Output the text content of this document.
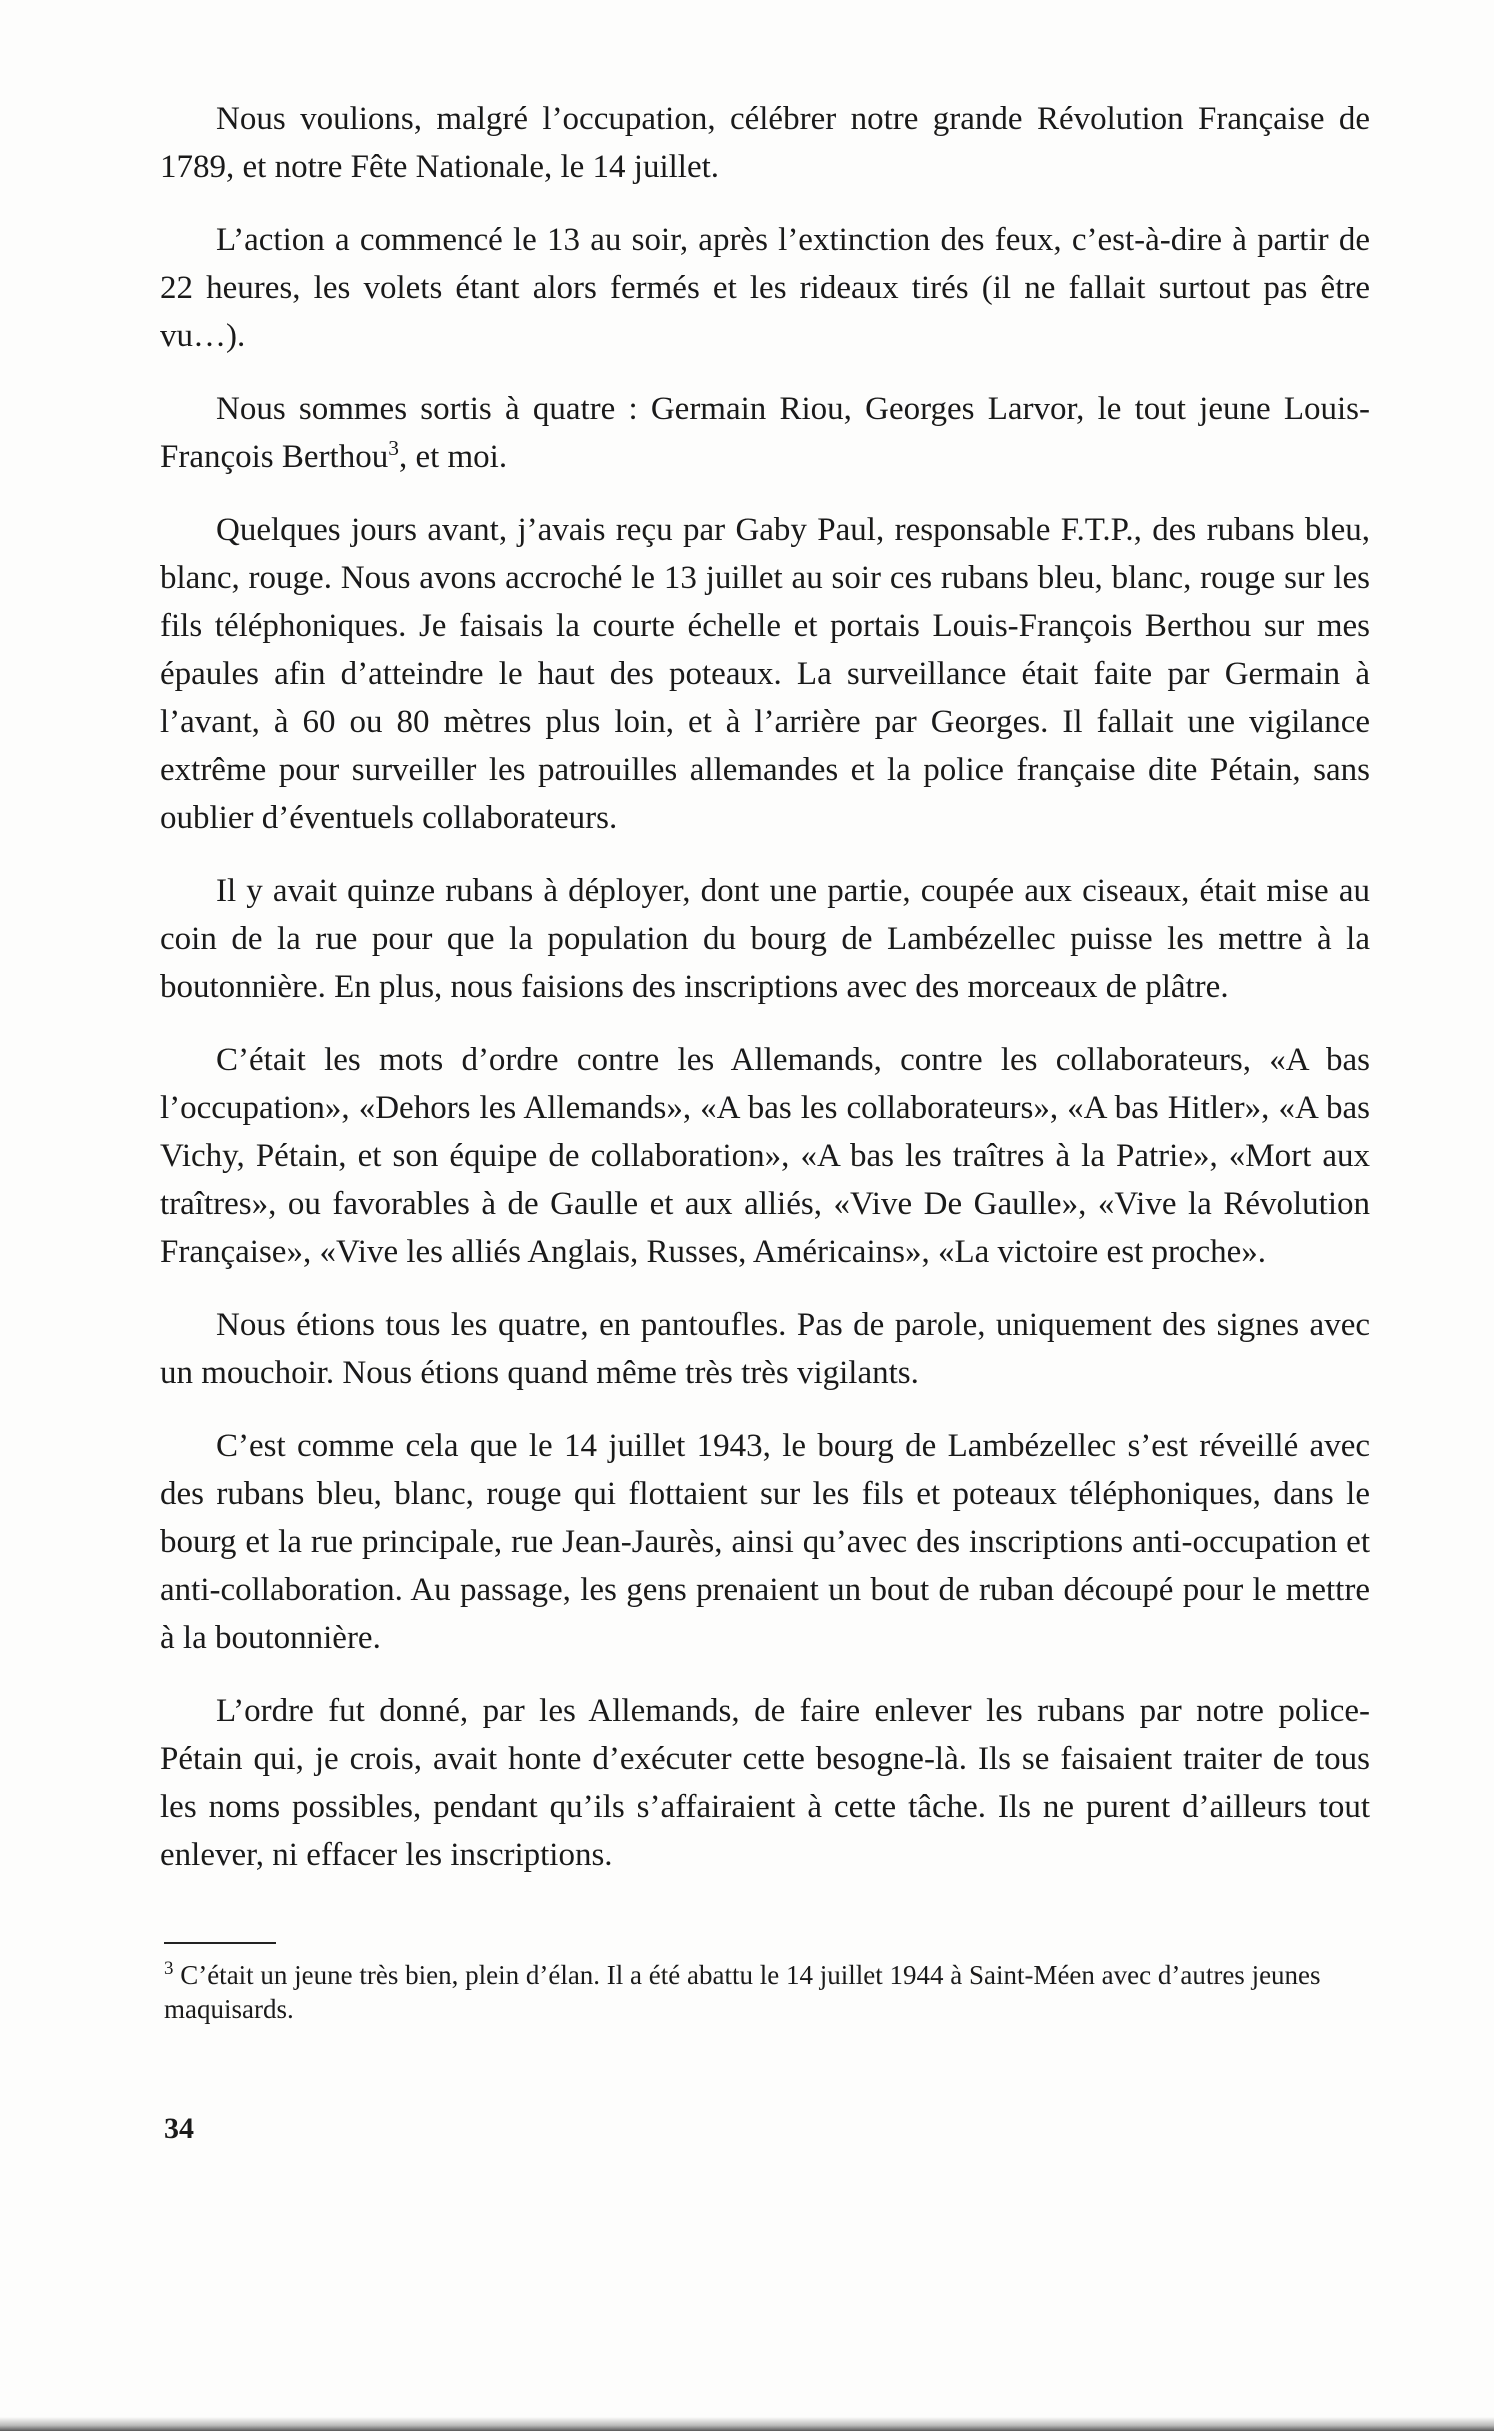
Nous voulions, malgré l’occupation, célébrer notre grande Révolution Française de 1789, et notre Fête Nationale, le 14 juillet.

L’action a commencé le 13 au soir, après l’extinction des feux, c’est-à-dire à partir de 22 heures, les volets étant alors fermés et les rideaux tirés (il ne fallait surtout pas être vu…).

Nous sommes sortis à quatre : Germain Riou, Georges Larvor, le tout jeune Louis-François Berthou$^3$, et moi.

Quelques jours avant, j’avais reçu par Gaby Paul, responsable F.T.P., des rubans bleu, blanc, rouge. Nous avons accroché le 13 juillet au soir ces rubans bleu, blanc, rouge sur les fils téléphoniques. Je faisais la courte échelle et portais Louis-François Berthou sur mes épaules afin d’atteindre le haut des poteaux. La surveillance était faite par Germain à l’avant, à 60 ou 80 mètres plus loin, et à l’arrière par Georges. Il fallait une vigilance extrême pour surveiller les patrouilles allemandes et la police française dite Pétain, sans oublier d’éventuels collaborateurs.

Il y avait quinze rubans à déployer, dont une partie, coupée aux ciseaux, était mise au coin de la rue pour que la population du bourg de Lambézellec puisse les mettre à la boutonnière. En plus, nous faisions des inscriptions avec des morceaux de plâtre.

C’était les mots d’ordre contre les Allemands, contre les collaborateurs, «A bas l’occupation», «Dehors les Allemands», «A bas les collaborateurs», «A bas Hitler», «A bas Vichy, Pétain, et son équipe de collaboration», «A bas les traîtres à la Patrie», «Mort aux traîtres», ou favorables à de Gaulle et aux alliés, «Vive De Gaulle», «Vive la Révolution Française», «Vive les alliés Anglais, Russes, Américains», «La victoire est proche».

Nous étions tous les quatre, en pantoufles. Pas de parole, uniquement des signes avec un mouchoir. Nous étions quand même très très vigilants.

C’est comme cela que le 14 juillet 1943, le bourg de Lambézellec s’est réveillé avec des rubans bleu, blanc, rouge qui flottaient sur les fils et poteaux téléphoniques, dans le bourg et la rue principale, rue Jean-Jaurès, ainsi qu’avec des inscriptions anti-occupation et anti-collaboration. Au passage, les gens prenaient un bout de ruban découpé pour le mettre à la boutonnière.

L’ordre fut donné, par les Allemands, de faire enlever les rubans par notre police-Pétain qui, je crois, avait honte d’exécuter cette besogne-là. Ils se faisaient traiter de tous les noms possibles, pendant qu’ils s’affairaient à cette tâche. Ils ne purent d’ailleurs tout enlever, ni effacer les inscriptions.

$^3$ C’était un jeune très bien, plein d’élan. Il a été abattu le 14 juillet 1944 à Saint-Méen avec d’autres jeunes maquisards.
34
